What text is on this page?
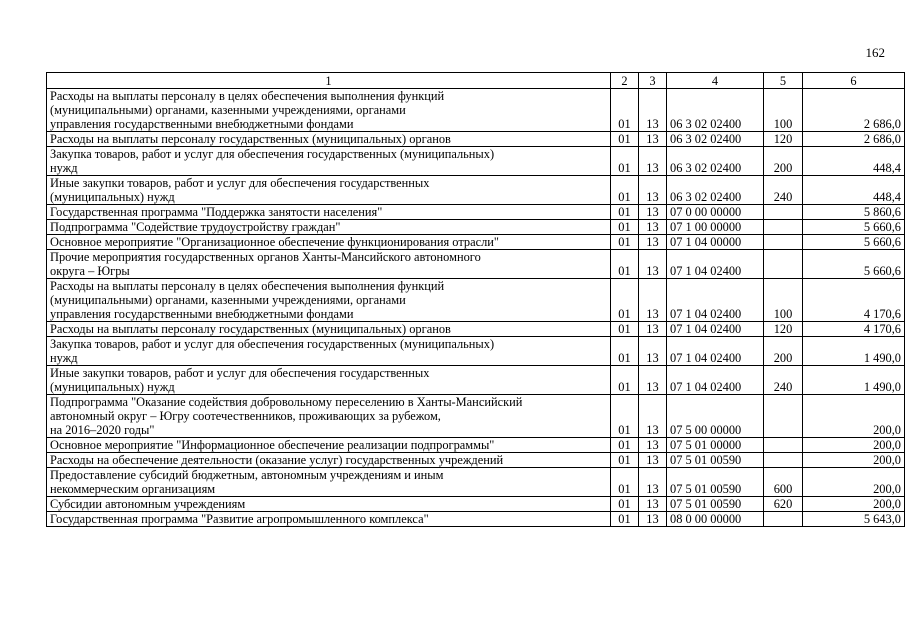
162
1	2	3	4	5	6
Расходы на выплаты персоналу в целях обеспечения выполнения функций
(муниципальными) органами, казенными учреждениями, органами
управления государственными внебюджетными фондами	01	13	06 3 02 02400	100	2 686,0
Расходы на выплаты персоналу государственных (муниципальных) органов	01	13	06 3 02 02400	120	2 686,0
Закупка товаров, работ и услуг для обеспечения государственных (муниципальных)
нужд	01	13	06 3 02 02400	200	448,4
Иные закупки товаров, работ и услуг для обеспечения государственных
(муниципальных) нужд	01	13	06 3 02 02400	240	448,4
Государственная программа "Поддержка занятости населения"	01	13	07 0 00 00000		5 860,6
Подпрограмма "Содействие трудоустройству граждан"	01	13	07 1 00 00000		5 660,6
Основное мероприятие "Организационное обеспечение функционирования отрасли"	01	13	07 1 04 00000		5 660,6
Прочие мероприятия государственных органов Ханты-Мансийского автономного
округа – Югры	01	13	07 1 04 02400		5 660,6
Расходы на выплаты персоналу в целях обеспечения выполнения функций
(муниципальными) органами, казенными учреждениями, органами
управления государственными внебюджетными фондами	01	13	07 1 04 02400	100	4 170,6
Расходы на выплаты персоналу государственных (муниципальных) органов	01	13	07 1 04 02400	120	4 170,6
Закупка товаров, работ и услуг для обеспечения государственных (муниципальных)
нужд	01	13	07 1 04 02400	200	1 490,0
Иные закупки товаров, работ и услуг для обеспечения государственных
(муниципальных) нужд	01	13	07 1 04 02400	240	1 490,0
Подпрограмма "Оказание содействия добровольному переселению в Ханты-Мансийский
автономный округ – Югру соотечественников, проживающих за рубежом,
на 2016–2020 годы"	01	13	07 5 00 00000		200,0
Основное мероприятие "Информационное обеспечение реализации подпрограммы"	01	13	07 5 01 00000		200,0
Расходы на обеспечение деятельности (оказание услуг) государственных учреждений	01	13	07 5 01 00590		200,0
Предоставление субсидий бюджетным, автономным учреждениям и иным
некоммерческим организациям	01	13	07 5 01 00590	600	200,0
Субсидии автономным учреждениям	01	13	07 5 01 00590	620	200,0
Государственная программа "Развитие агропромышленного комплекса"	01	13	08 0 00 00000		5 643,0
